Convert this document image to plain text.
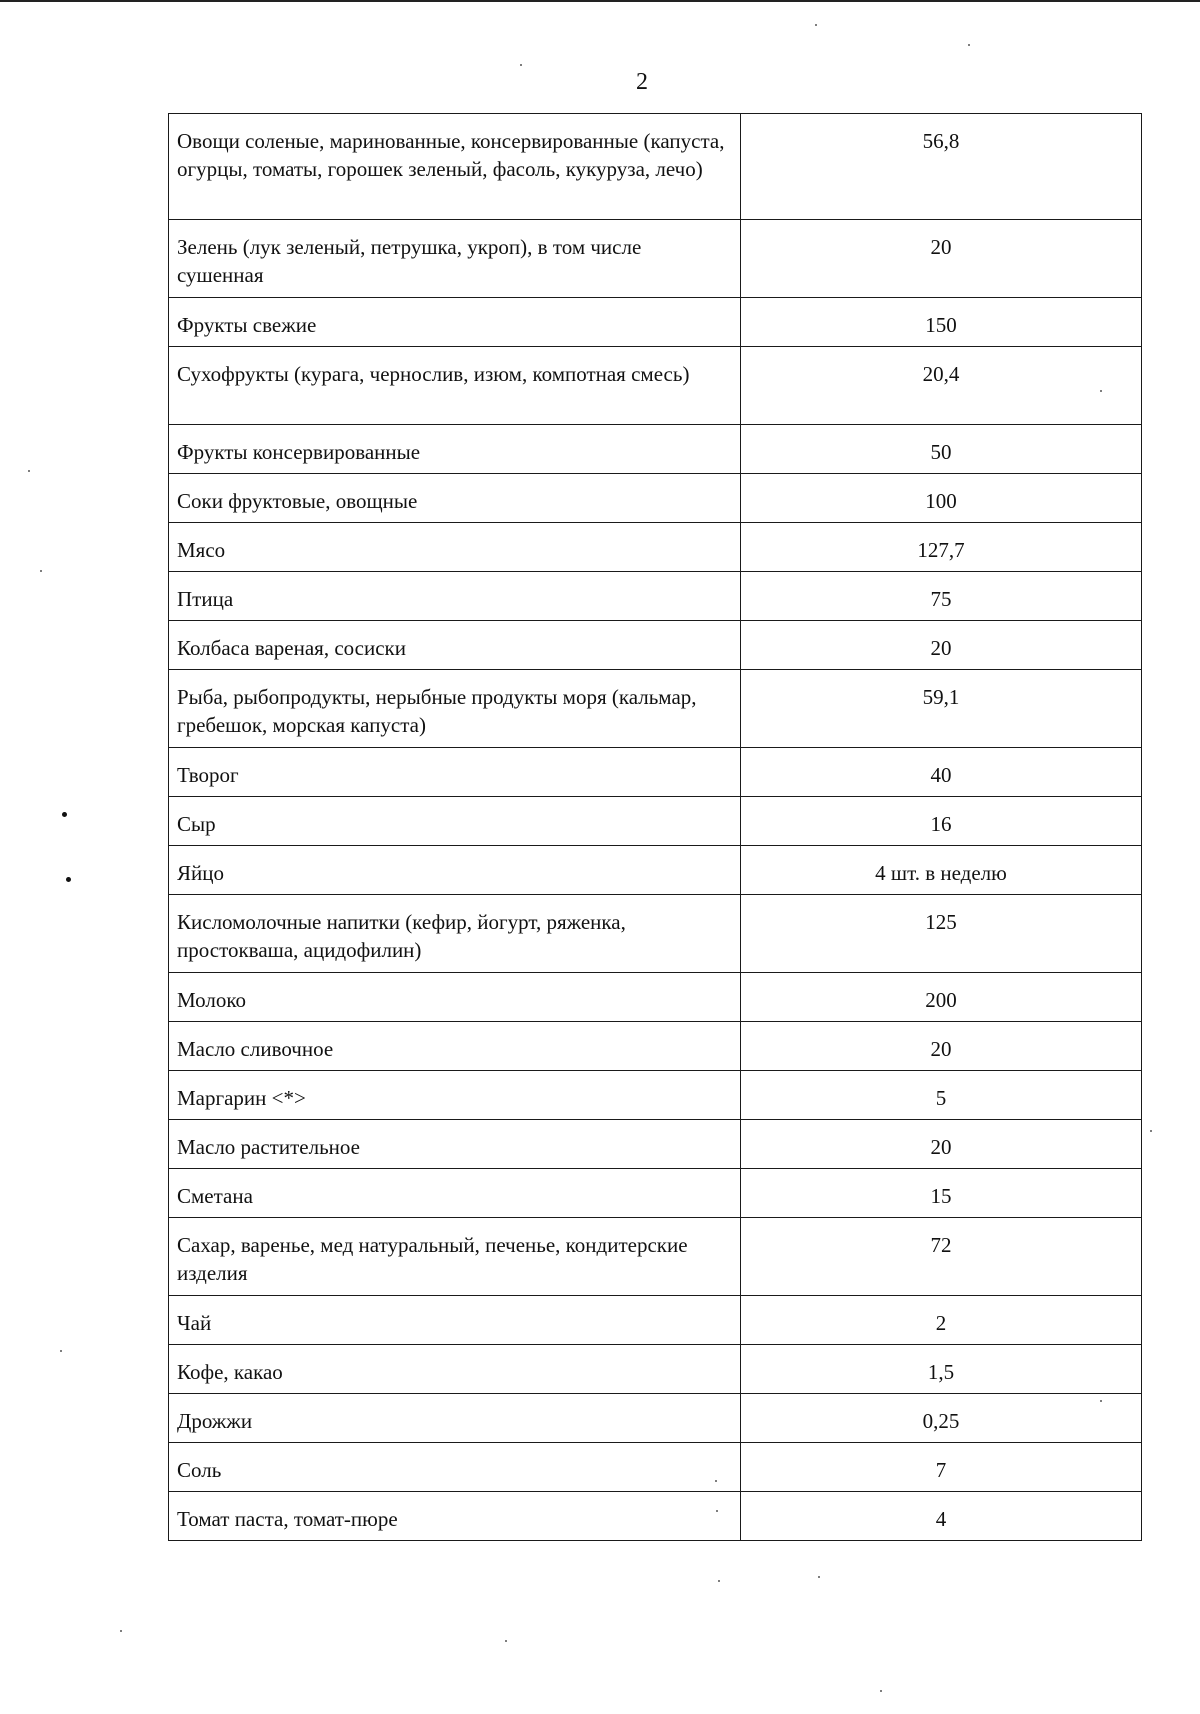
2
Овощи соленые, маринованные, консервированные (капуста, огурцы, томаты, горошек зеленый, фасоль, кукуруза, лечо)	56,8
Зелень (лук зеленый, петрушка, укроп), в том числе сушенная	20
Фрукты свежие	150
Сухофрукты (курага, чернослив, изюм, компотная смесь)	20,4
Фрукты консервированные	50
Соки фруктовые, овощные	100
Мясо	127,7
Птица	75
Колбаса вареная, сосиски	20
Рыба, рыбопродукты, нерыбные продукты моря (кальмар, гребешок, морская капуста)	59,1
Творог	40
Сыр	16
Яйцо	4 шт. в неделю
Кисломолочные напитки (кефир, йогурт, ряженка, простокваша, ацидофилин)	125
Молоко	200
Масло сливочное	20
Маргарин <*>	5
Масло растительное	20
Сметана	15
Сахар, варенье, мед натуральный, печенье, кондитерские изделия	72
Чай	2
Кофе, какао	1,5
Дрожжи	0,25
Соль	7
Томат паста, томат-пюре	4
